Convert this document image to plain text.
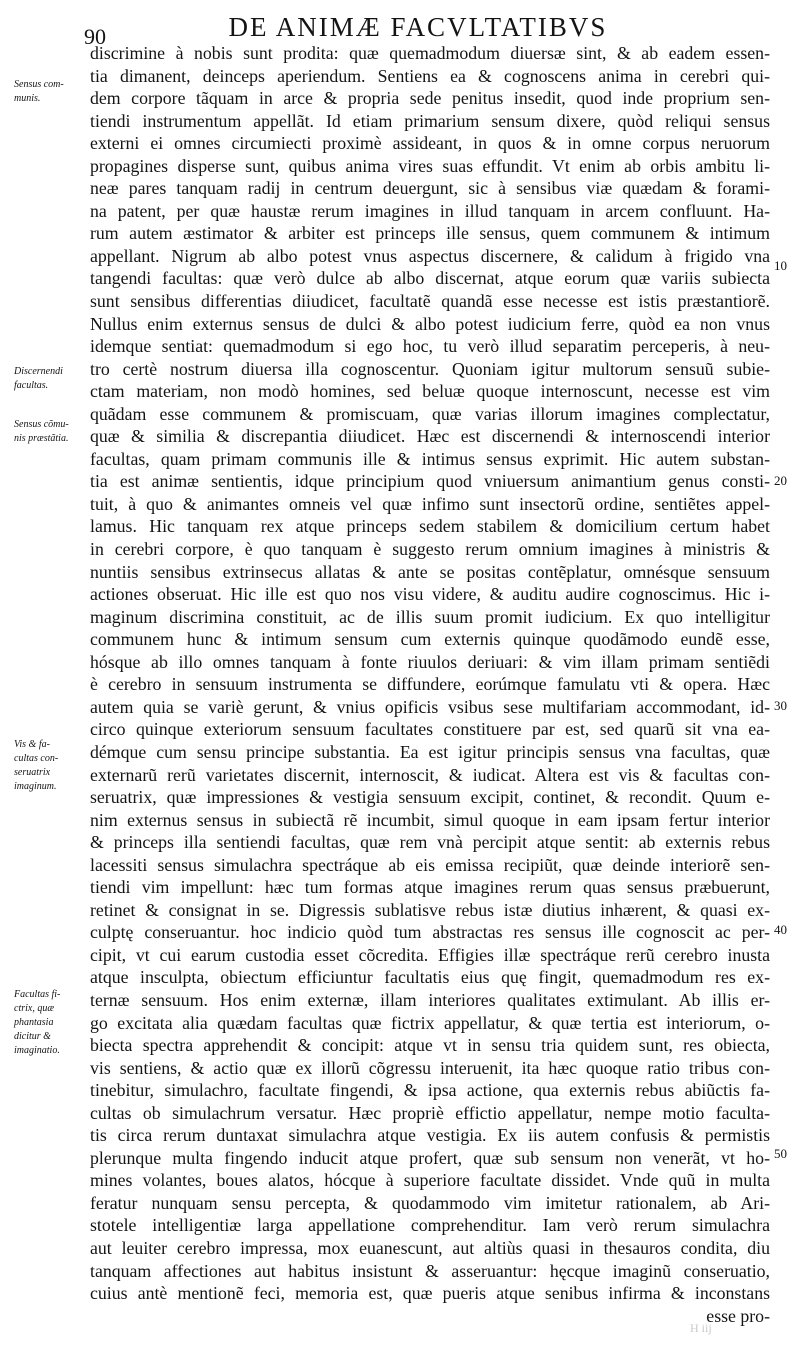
90	DE ANIMÆ FACVLTATIBVS
discrimine à nobis sunt prodita: quæ quemadmodum diuersæ sint, & ab eadem essen-
tia dimanent, deinceps aperiendum. Sentiens ea & cognoscens anima in cerebri qui-
dem corpore tãquam in arce & propria sede penitus insedit, quod inde proprium sen-
tiendi instrumentum appellãt. Id etiam primarium sensum dixere, quòd reliqui sensus
externi ei omnes circumiecti proximè assideant, in quos & in omne corpus neruorum
propagines disperse sunt, quibus anima vires suas effundit. Vt enim ab orbis ambitu li-
neæ pares tanquam radij in centrum deuergunt, sic à sensibus viæ quædam & forami-
na patent, per quæ haustæ rerum imagines in illud tanquam in arcem confluunt. Ha-
rum autem æstimator & arbiter est princeps ille sensus, quem communem & intimum
appellant. Nigrum ab albo potest vnus aspectus discernere, & calidum à frigido vna
tangendi facultas: quæ verò dulce ab albo discernat, atque eorum quæ variis subiecta
sunt sensibus differentias diiudicet, facultatẽ quandã esse necesse est istis præstantiorẽ.
Nullus enim externus sensus de dulci & albo potest iudicium ferre, quòd ea non vnus
idemque sentiat: quemadmodum si ego hoc, tu verò illud separatim perceperis, à neu-
tro certè nostrum diuersa illa cognoscentur. Quoniam igitur multorum sensuũ subie-
ctam materiam, non modò homines, sed beluæ quoque internoscunt, necesse est vim
quãdam esse communem & promiscuam, quæ varias illorum imagines complectatur,
quæ & similia & discrepantia diiudicet. Hæc est discernendi & internoscendi interior
facultas, quam primam communis ille & intimus sensus exprimit. Hic autem substan-
tia est animæ sentientis, idque principium quod vniuersum animantium genus consti-
tuit, à quo & animantes omneis vel quæ infimo sunt insectorũ ordine, sentiẽtes appel-
lamus. Hic tanquam rex atque princeps sedem stabilem & domicilium certum habet
in cerebri corpore, è quo tanquam è suggesto rerum omnium imagines à ministris &
nuntiis sensibus extrinsecus allatas & ante se positas contẽplatur, omnésque sensuum
actiones obseruat. Hic ille est quo nos visu videre, & auditu audire cognoscimus. Hic i-
maginum discrimina constituit, ac de illis suum promit iudicium. Ex quo intelligitur
communem hunc & intimum sensum cum externis quinque quodãmodo eundẽ esse,
hósque ab illo omnes tanquam à fonte riuulos deriuari: & vim illam primam sentiẽdi
è cerebro in sensuum instrumenta se diffundere, eorúmque famulatu vti & opera. Hæc
autem quia se variè gerunt, & vnius opificis vsibus sese multifariam accommodant, id-
circo quinque exteriorum sensuum facultates constituere par est, sed quarũ sit vna ea-
démque cum sensu principe substantia. Ea est igitur principis sensus vna facultas, quæ
externarũ rerũ varietates discernit, internoscit, & iudicat. Altera est vis & facultas con-
seruatrix, quæ impressiones & vestigia sensuum excipit, continet, & recondit. Quum e-
nim externus sensus in subiectã rẽ incumbit, simul quoque in eam ipsam fertur interior
& princeps illa sentiendi facultas, quæ rem vnà percipit atque sentit: ab externis rebus
lacessiti sensus simulachra spectráque ab eis emissa recipiũt, quæ deinde interiorẽ sen-
tiendi vim impellunt: hæc tum formas atque imagines rerum quas sensus præbuerunt,
retinet & consignat in se. Digressis sublatisve rebus istæ diutius inhærent, & quasi ex-
culptę conseruantur. hoc indicio quòd tum abstractas res sensus ille cognoscit ac per-
cipit, vt cui earum custodia esset cõcredita. Effigies illæ spectráque rerũ cerebro inusta
atque insculpta, obiectum efficiuntur facultatis eius quę fingit, quemadmodum res ex-
ternæ sensuum. Hos enim externæ, illam interiores qualitates extimulant. Ab illis er-
go excitata alia quædam facultas quæ fictrix appellatur, & quæ tertia est interiorum, o-
biecta spectra apprehendit & concipit: atque vt in sensu tria quidem sunt, res obiecta,
vis sentiens, & actio quæ ex illorũ cõgressu interuenit, ita hæc quoque ratio tribus con-
tinebitur, simulachro, facultate fingendi, & ipsa actione, qua externis rebus abiũctis fa-
cultas ob simulachrum versatur. Hæc propriè effictio appellatur, nempe motio faculta-
tis circa rerum duntaxat simulachra atque vestigia. Ex iis autem confusis & permistis
plerunque multa fingendo inducit atque profert, quæ sub sensum non venerãt, vt ho-
mines volantes, boues alatos, hócque à superiore facultate dissidet. Vnde quũ in multa
feratur nunquam sensu percepta, & quodammodo vim imitetur rationalem, ab Ari-
stotele intelligentiæ larga appellatione comprehenditur. Iam verò rerum simulachra
aut leuiter cerebro impressa, mox euanescunt, aut altiùs quasi in thesauros condita, diu
tanquam affectiones aut habitus insistunt & asseruantur: hęcque imaginũ conseruatio,
cuius antè mentionẽ feci, memoria est, quæ pueris atque senibus infirma & inconstans
esse pro-
Sensus com-
munis.
Discernendi
facultas.
Sensus cõmu-
nis præstãtia.
Vis & fa-
cultas con-
seruatrix
imaginum.
Facultas fi-
ctrix, quæ
phantasia
dicitur &
imaginatio.
10
20
30
40
50
H iij
